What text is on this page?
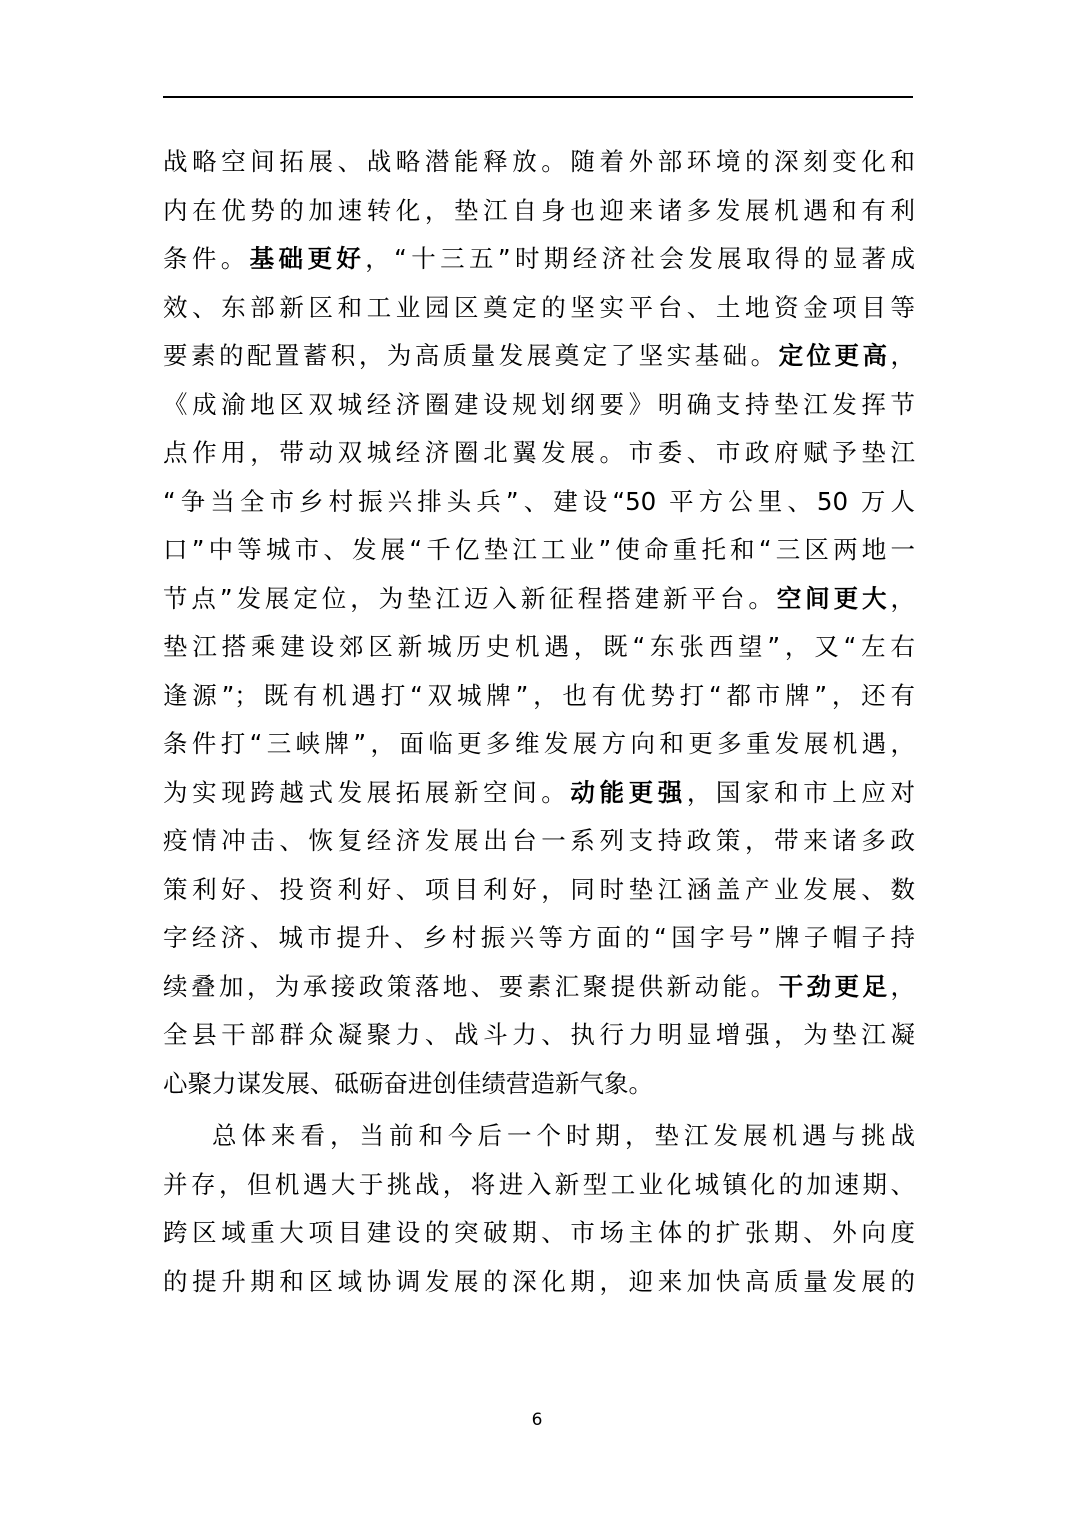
战略空间拓展、战略潜能释放。随着外部环境的深刻变化和
内在优势的加速转化，垫江自身也迎来诸多发展机遇和有利
条件。基础更好，“十三五”时期经济社会发展取得的显著成
效、东部新区和工业园区奠定的坚实平台、土地资金项目等
要素的配置蓄积，为高质量发展奠定了坚实基础。定位更高，
《成渝地区双城经济圈建设规划纲要》明确支持垫江发挥节
点作用，带动双城经济圈北翼发展。市委、市政府赋予垫江
“争当全市乡村振兴排头兵”、建设“50 平方公里、50 万人
口”中等城市、发展“千亿垫江工业”使命重托和“三区两地一
节点”发展定位，为垫江迈入新征程搭建新平台。空间更大，
垫江搭乘建设郊区新城历史机遇，既“东张西望”，又“左右
逢源”；既有机遇打“双城牌”，也有优势打“都市牌”，还有
条件打“三峡牌”，面临更多维发展方向和更多重发展机遇，
为实现跨越式发展拓展新空间。动能更强，国家和市上应对
疫情冲击、恢复经济发展出台一系列支持政策，带来诸多政
策利好、投资利好、项目利好，同时垫江涵盖产业发展、数
字经济、城市提升、乡村振兴等方面的“国字号”牌子帽子持
续叠加，为承接政策落地、要素汇聚提供新动能。干劲更足，
全县干部群众凝聚力、战斗力、执行力明显增强，为垫江凝
心聚力谋发展、砥砺奋进创佳绩营造新气象。
总体来看，当前和今后一个时期，垫江发展机遇与挑战
并存，但机遇大于挑战，将进入新型工业化城镇化的加速期、
跨区域重大项目建设的突破期、市场主体的扩张期、外向度
的提升期和区域协调发展的深化期，迎来加快高质量发展的
6
